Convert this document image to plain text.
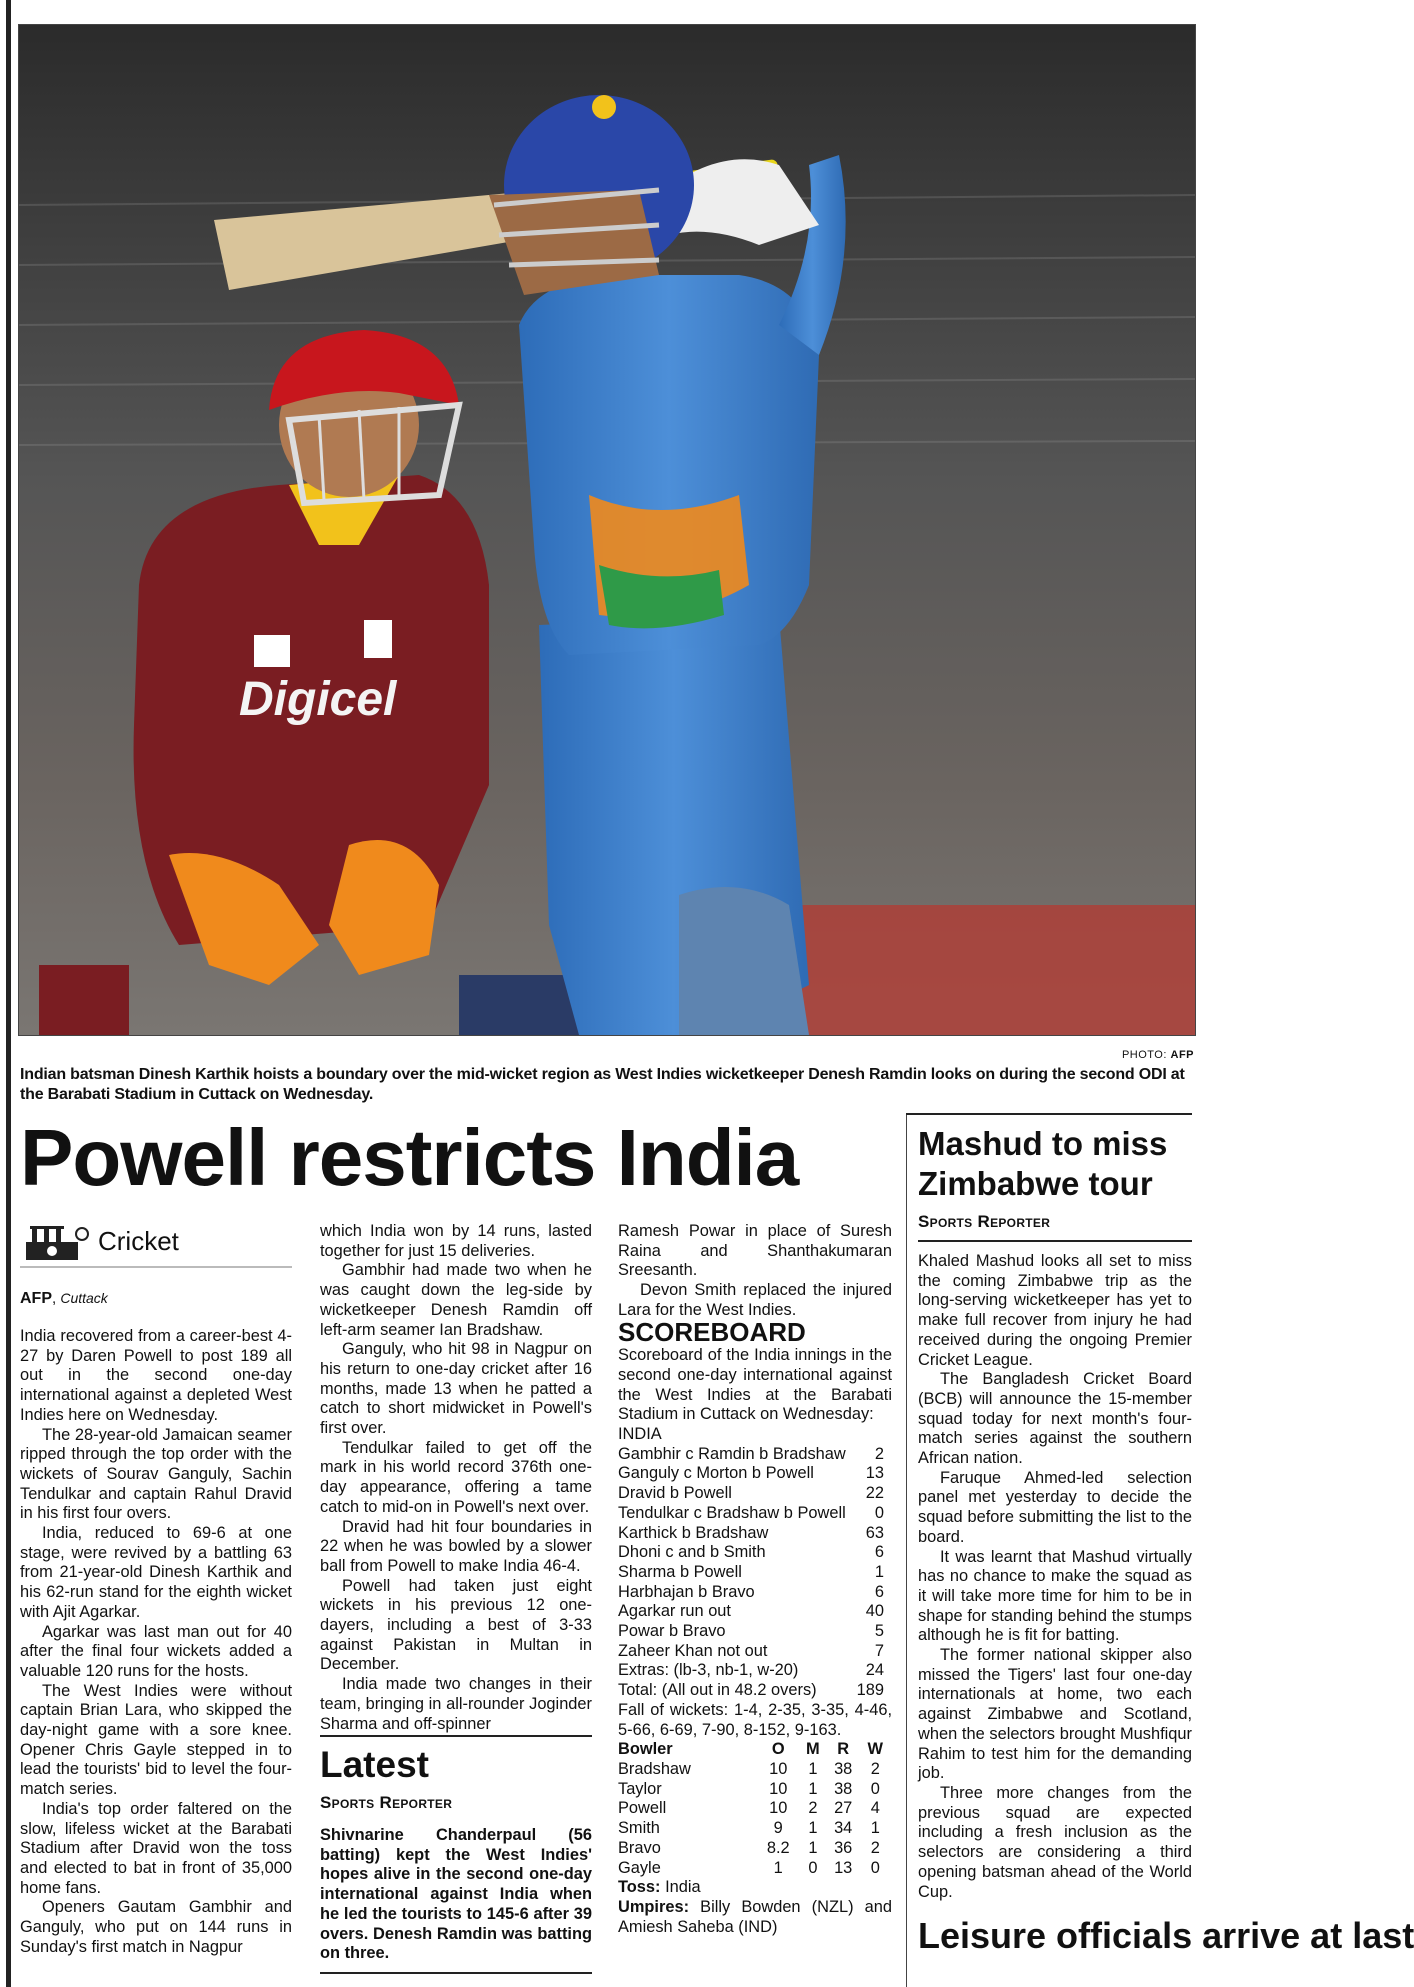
Digicel
PHOTO: AFP
Indian batsman Dinesh Karthik hoists a boundary over the mid-wicket region as West Indies wicketkeeper Denesh Ramdin looks on during the second ODI at the Barabati Stadium in Cuttack on Wednesday.
Powell restricts India
Cricket
AFP, Cuttack

India recovered from a career-best 4-27 by Daren Powell to post 189 all out in the second one-day international against a depleted West Indies here on Wednesday.

The 28-year-old Jamaican seamer ripped through the top order with the wickets of Sourav Ganguly, Sachin Tendulkar and captain Rahul Dravid in his first four overs.

India, reduced to 69-6 at one stage, were revived by a battling 63 from 21-year-old Dinesh Karthik and his 62-run stand for the eighth wicket with Ajit Agarkar.

Agarkar was last man out for 40 after the final four wickets added a valuable 120 runs for the hosts.

The West Indies were without captain Brian Lara, who skipped the day-night game with a sore knee. Opener Chris Gayle stepped in to lead the tourists' bid to level the four-match series.

India's top order faltered on the slow, lifeless wicket at the Barabati Stadium after Dravid won the toss and elected to bat in front of 35,000 home fans.

Openers Gautam Gambhir and Ganguly, who put on 144 runs in Sunday's first match in Nagpur

which India won by 14 runs, lasted together for just 15 deliveries.

Gambhir had made two when he was caught down the leg-side by wicketkeeper Denesh Ramdin off left-arm seamer Ian Bradshaw.

Ganguly, who hit 98 in Nagpur on his return to one-day cricket after 16 months, made 13 when he patted a catch to short midwicket in Powell's first over.

Tendulkar failed to get off the mark in his world record 376th one-day appearance, offering a tame catch to mid-on in Powell's next over.

Dravid had hit four boundaries in 22 when he was bowled by a slower ball from Powell to make India 46-4.

Powell had taken just eight wickets in his previous 12 one-dayers, including a best of 3-33 against Pakistan in Multan in December.

India made two changes in their team, bringing in all-rounder Joginder Sharma and off-spinner

Latest
Sports Reporter
Shivnarine Chanderpaul (56 batting) kept the West Indies' hopes alive in the second one-day international against India when he led the tourists to 145-6 after 39 overs. Denesh Ramdin was batting on three.

Ramesh Powar in place of Suresh Raina and Shanthakumaran Sreesanth.

Devon Smith replaced the injured Lara for the West Indies.

SCOREBOARD

Scoreboard of the India innings in the second one-day international against the West Indies at the Barabati Stadium in Cuttack on Wednesday:

INDIA

Gambhir c Ramdin b Bradshaw	2
Ganguly c Morton b Powell	13
Dravid b Powell	22
Tendulkar c Bradshaw b Powell	0
Karthick b Bradshaw	63
Dhoni c and b Smith	6
Sharma b Powell	1
Harbhajan b Bravo	6
Agarkar run out	40
Powar b Bravo	5
Zaheer Khan not out	7
Extras: (lb-3, nb-1, w-20)	24
Total: (All out in 48.2 overs)	189

Fall of wickets: 1-4, 2-35, 3-35, 4-46, 5-66, 6-69, 7-90, 8-152, 9-163.

Bowler	O	M	R	W
Bradshaw	10	1	38	2
Taylor	10	1	38	0
Powell	10	2	27	4
Smith	9	1	34	1
Bravo	8.2	1	36	2
Gayle	1	0	13	0

Toss: India

Umpires: Billy Bowden (NZL) and Amiesh Saheba (IND)

Mashud to miss Zimbabwe tour
Sports Reporter

Khaled Mashud looks all set to miss the coming Zimbabwe trip as the long-serving wicketkeeper has yet to make full recover from injury he had received during the ongoing Premier Cricket League.

The Bangladesh Cricket Board (BCB) will announce the 15-member squad today for next month's four-match series against the southern African nation.

Faruque Ahmed-led selection panel met yesterday to decide the squad before submitting the list to the board.

It was learnt that Mashud virtually has no chance to make the squad as it will take more time for him to be in shape for standing behind the stumps although he is fit for batting.

The former national skipper also missed the Tigers' last four one-day internationals at home, two each against Zimbabwe and Scotland, when the selectors brought Mushfiqur Rahim to test him for the demanding job.

Three more changes from the previous squad are expected including a fresh inclusion as the selectors are considering a third opening batsman ahead of the World Cup.

Leisure officials arrive at last
